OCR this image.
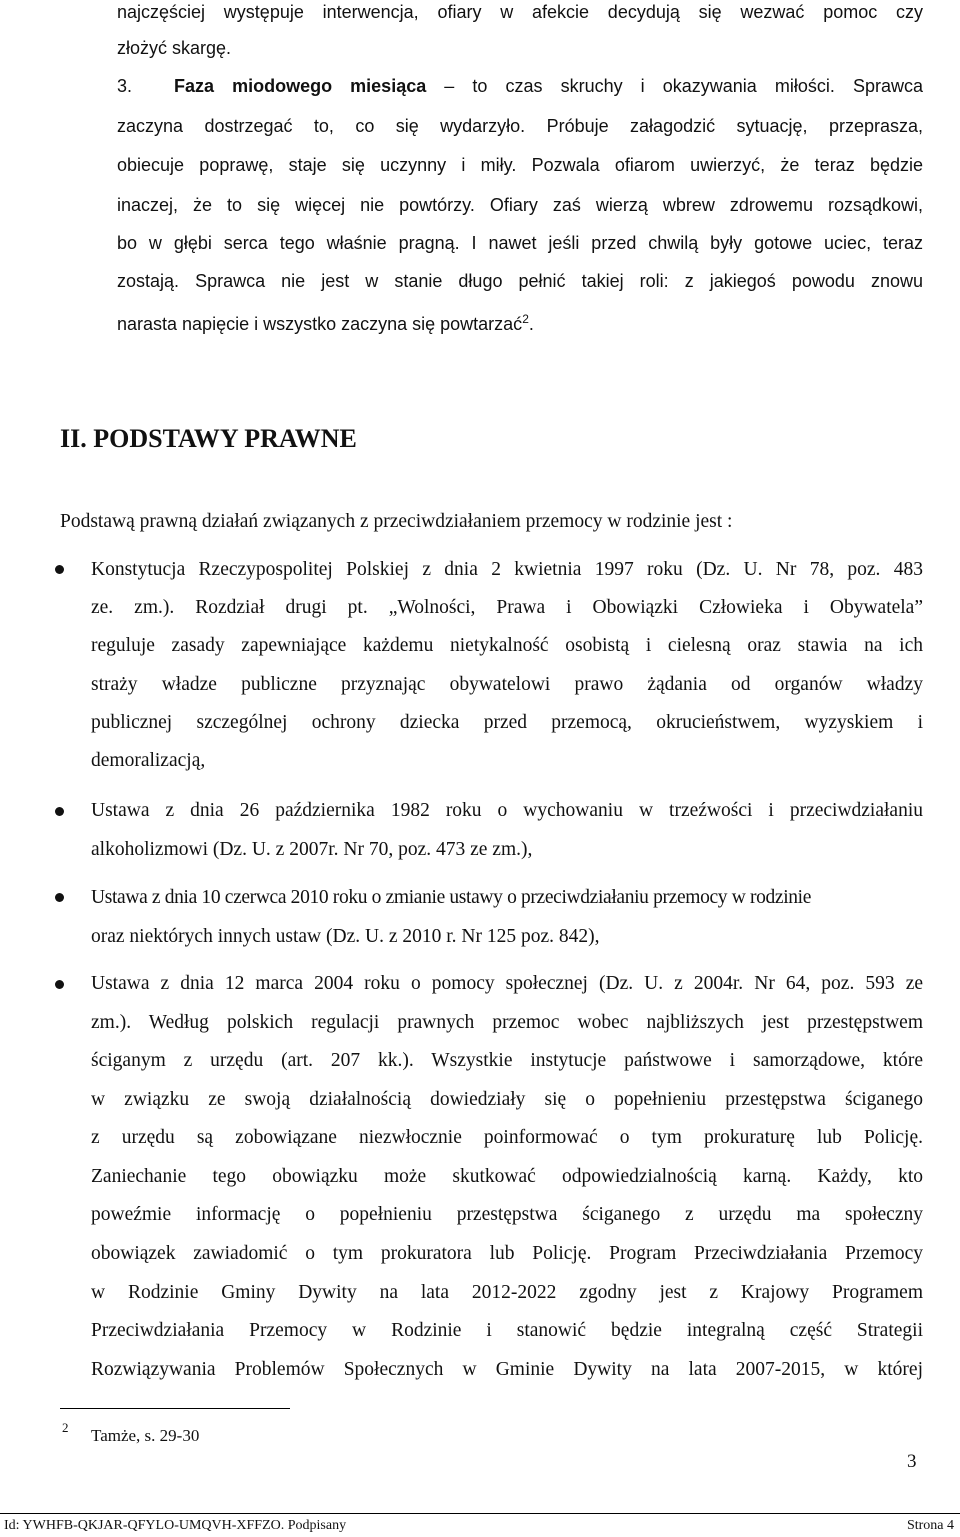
najczęściej występuje interwencja, ofiary w afekcie decydują się wezwać pomoc czy
złożyć skargę.
3. Faza miodowego miesiąca – to czas skruchy i okazywania miłości. Sprawca
zaczyna dostrzegać to, co się wydarzyło. Próbuje załagodzić sytuację, przeprasza,
obiecuje poprawę, staje się uczynny i miły. Pozwala ofiarom uwierzyć, że teraz będzie
inaczej, że to się więcej nie powtórzy. Ofiary zaś wierzą wbrew zdrowemu rozsądkowi,
bo w głębi serca tego właśnie pragną. I nawet jeśli przed chwilą były gotowe uciec, teraz
zostają. Sprawca nie jest w stanie długo pełnić takiej roli: z jakiegoś powodu znowu
narasta napięcie i wszystko zaczyna się powtarzać$^2$.
II. PODSTAWY PRAWNE
Podstawą prawną działań związanych z przeciwdziałaniem przemocy w rodzinie jest :
Konstytucja Rzeczypospolitej Polskiej z dnia 2 kwietnia 1997 roku (Dz. U. Nr 78, poz. 483
ze. zm.). Rozdział drugi pt. „Wolności, Prawa i Obowiązki Człowieka i Obywatela”
reguluje zasady zapewniające każdemu nietykalność osobistą i cielesną oraz stawia na ich
straży władze publiczne przyznając obywatelowi prawo żądania od organów władzy
publicznej szczególnej ochrony dziecka przed przemocą, okrucieństwem, wyzyskiem i
demoralizacją,
Ustawa z dnia 26 października 1982 roku o wychowaniu w trzeźwości i przeciwdziałaniu
alkoholizmowi (Dz. U. z 2007r. Nr 70, poz. 473 ze zm.),
Ustawa z dnia 10 czerwca 2010 roku o zmianie ustawy o przeciwdziałaniu przemocy w rodzinie
oraz niektórych innych ustaw (Dz. U. z 2010 r. Nr 125 poz. 842),
Ustawa z dnia 12 marca 2004 roku o pomocy społecznej (Dz. U. z 2004r. Nr 64, poz. 593 ze
zm.). Według polskich regulacji prawnych przemoc wobec najbliższych jest przestępstwem
ściganym z urzędu (art. 207 kk.). Wszystkie instytucje państwowe i samorządowe, które
w związku ze swoją działalnością dowiedziały się o popełnieniu przestępstwa ściganego
z urzędu są zobowiązane niezwłocznie poinformować o tym prokuraturę lub Policję.
Zaniechanie tego obowiązku może skutkować odpowiedzialnością karną. Każdy, kto
poweźmie informację o popełnieniu przestępstwa ściganego z urzędu ma społeczny
obowiązek zawiadomić o tym prokuratora lub Policję. Program Przeciwdziałania Przemocy
w Rodzinie Gminy Dywity na lata 2012-2022 zgodny jest z Krajowy Programem
Przeciwdziałania Przemocy w Rodzinie i stanowić będzie integralną część Strategii
Rozwiązywania Problemów Społecznych w Gminie Dywity na lata 2007-2015, w której
2 Tamże, s. 29-30
3
Id: YWHFB-QKJAR-QFYLO-UMQVH-XFFZO. Podpisany	Strona 4
